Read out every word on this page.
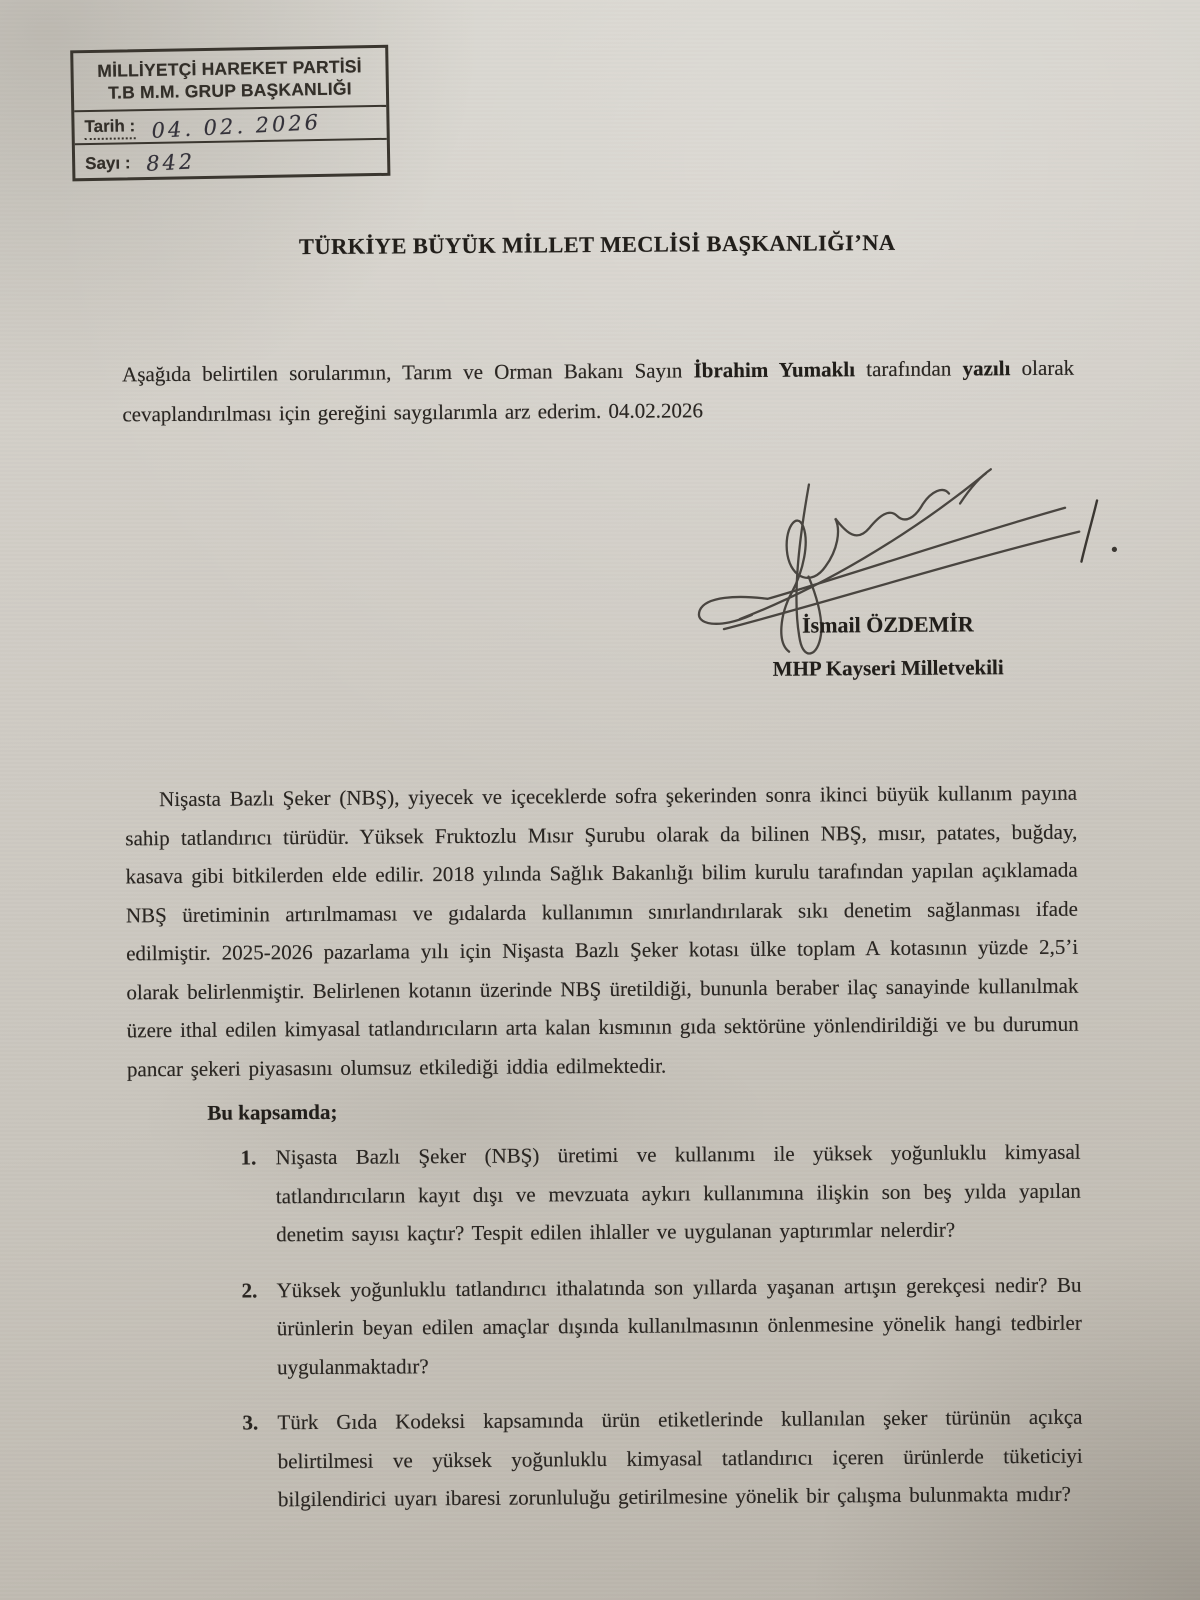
MİLLİYETÇİ HAREKET PARTİSİ
T.B M.M. GRUP BAŞKANLIĞI
Tarih : 04. 02. 2026
Sayı : 842
TÜRKİYE BÜYÜK MİLLET MECLİSİ BAŞKANLIĞI’NA

Aşağıda belirtilen sorularımın, Tarım ve Orman Bakanı Sayın İbrahim Yumaklı tarafından yazılı olarak cevaplandırılması için gereğini saygılarımla arz ederim. 04.02.2026

İsmail ÖZDEMİR
MHP Kayseri Milletvekili

Nişasta Bazlı Şeker (NBŞ), yiyecek ve içeceklerde sofra şekerinden sonra ikinci büyük kullanım payına sahip tatlandırıcı türüdür. Yüksek Fruktozlu Mısır Şurubu olarak da bilinen NBŞ, mısır, patates, buğday, kasava gibi bitkilerden elde edilir. 2018 yılında Sağlık Bakanlığı bilim kurulu tarafından yapılan açıklamada NBŞ üretiminin artırılmaması ve gıdalarda kullanımın sınırlandırılarak sıkı denetim sağlanması ifade edilmiştir. 2025-2026 pazarlama yılı için Nişasta Bazlı Şeker kotası ülke toplam A kotasının yüzde 2,5’i olarak belirlenmiştir. Belirlenen kotanın üzerinde NBŞ üretildiği, bununla beraber ilaç sanayinde kullanılmak üzere ithal edilen kimyasal tatlandırıcıların arta kalan kısmının gıda sektörüne yönlendirildiği ve bu durumun pancar şekeri piyasasını olumsuz etkilediği iddia edilmektedir.

Bu kapsamda;
1. Nişasta Bazlı Şeker (NBŞ) üretimi ve kullanımı ile yüksek yoğunluklu kimyasal tatlandırıcıların kayıt dışı ve mevzuata aykırı kullanımına ilişkin son beş yılda yapılan denetim sayısı kaçtır? Tespit edilen ihlaller ve uygulanan yaptırımlar nelerdir?
2. Yüksek yoğunluklu tatlandırıcı ithalatında son yıllarda yaşanan artışın gerekçesi nedir? Bu ürünlerin beyan edilen amaçlar dışında kullanılmasının önlenmesine yönelik hangi tedbirler uygulanmaktadır?
3. Türk Gıda Kodeksi kapsamında ürün etiketlerinde kullanılan şeker türünün açıkça belirtilmesi ve yüksek yoğunluklu kimyasal tatlandırıcı içeren ürünlerde tüketiciyi bilgilendirici uyarı ibaresi zorunluluğu getirilmesine yönelik bir çalışma bulunmakta mıdır?
